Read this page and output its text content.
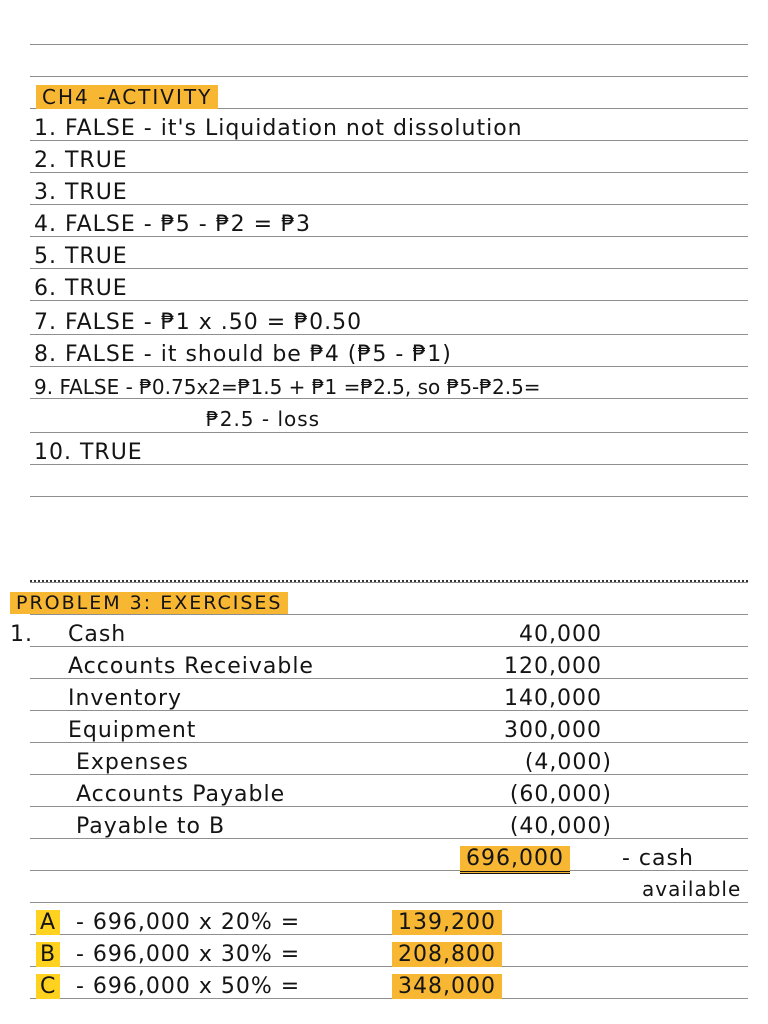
CH4 -ACTIVITY
1. FALSE - it's Liquidation not dissolution
2. TRUE
3. TRUE
4. FALSE - ₱5 - ₱2 = ₱3
5. TRUE
6. TRUE
7. FALSE - ₱1 x .50 = ₱0.50
8. FALSE - it should be ₱4 (₱5 - ₱1)
9. FALSE - ₱0.75x2=₱1.5 + ₱1 =₱2.5, so ₱5-₱2.5=
₱2.5 - loss
10. TRUE
PROBLEM 3: EXERCISES
1. Cash	40,000
Accounts Receivable	120,000
Inventory	140,000
Equipment	300,000
Expenses	(4,000)
Accounts Payable	(60,000)
Payable to B	(40,000)
696,000	- cash
available
A - 696,000 x 20% =	139,200
B - 696,000 x 30% =	208,800
C - 696,000 x 50% =	348,000
